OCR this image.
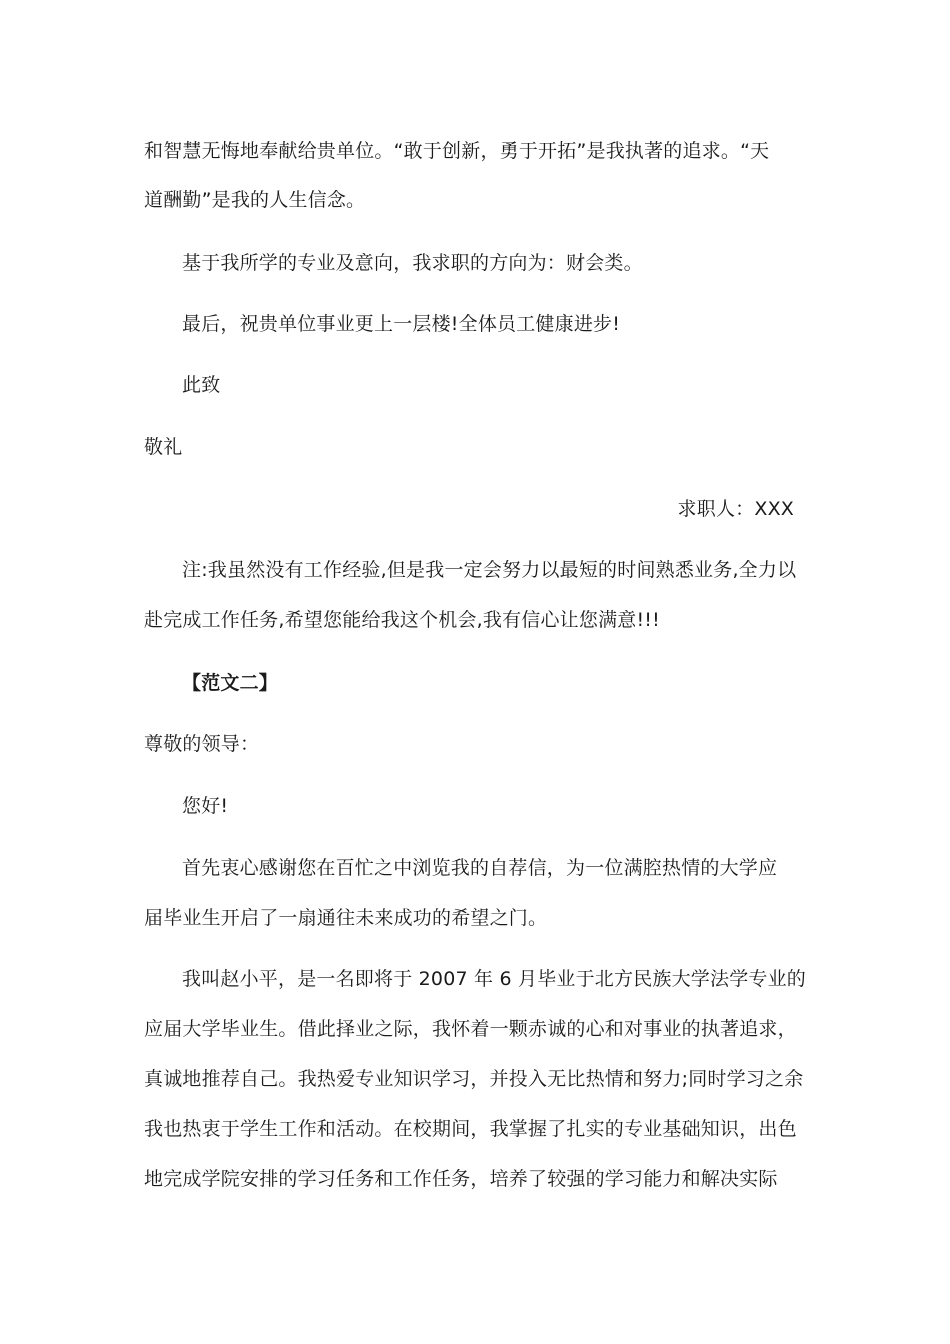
和智慧无悔地奉献给贵单位。“敢于创新，勇于开拓”是我执著的追求。“天
道酬勤”是我的人生信念。
基于我所学的专业及意向，我求职的方向为：财会类。
最后，祝贵单位事业更上一层楼!全体员工健康进步!
此致
敬礼
求职人：XXX
注:我虽然没有工作经验,但是我一定会努力以最短的时间熟悉业务,全力以
赴完成工作任务,希望您能给我这个机会,我有信心让您满意!!!
【范文二】
尊敬的领导：
您好!
首先衷心感谢您在百忙之中浏览我的自荐信，为一位满腔热情的大学应
届毕业生开启了一扇通往未来成功的希望之门。
我叫赵小平，是一名即将于 2007 年 6 月毕业于北方民族大学法学专业的
应届大学毕业生。借此择业之际，我怀着一颗赤诚的心和对事业的执著追求，
真诚地推荐自己。我热爱专业知识学习，并投入无比热情和努力;同时学习之余
我也热衷于学生工作和活动。在校期间，我掌握了扎实的专业基础知识，出色
地完成学院安排的学习任务和工作任务，培养了较强的学习能力和解决实际
